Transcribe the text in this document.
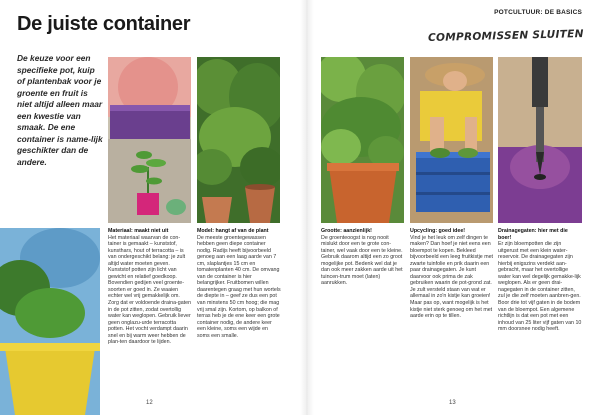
De juiste container
POTCULTUUR: DE BASICS
COMPROMISSEN SLUITEN

De keuze voor een specifieke pot, kuip of plantenbak voor je groente en fruit is niet altijd alleen maar een kwestie van smaak. De ene container is name-lijk geschikter dan de andere.

Materiaal: maakt niet uit
Het materiaal waarvan de con-tainer is gemaakt – kunststof, kunsthars, hout of terracotta – is van ondergeschikt belang: je zult altijd water moeten geven. Kunststof potten zijn licht van gewicht en relatief goedkoop. Bovendien gedijen veel groente-soorten er goed in. Ze waaien echter wel vrij gemakkelijk om. Zorg dat er voldoende draina-gaten in de pot zitten, zodat overtollig water kan weglopen. Gebruik liever geen onglazu-urde terracotta potten. Het vocht verdampt daarin snel en bij warm weer hebben de plan-ten daardoor te lijden.
Model: hangt af van de plant
De meeste groentegewassen hebben geen diepe container nodig. Radijs heeft bijvoorbeeld genoeg aan een laag aarde van 7 cm, slaplantjes 15 cm en tomatenplanten 40 cm. De omvang van de container is hier belangrijker. Fruitbomen willen daarentegen graag met hun wortels de diepte in – geef ze dus een pot van minstens 50 cm hoog; die mag vrij smal zijn. Kortom, op balkon of terras heb je de ene keer een grote container nodig, de andere keer een kleine, soms een wijde en soms een smalle.
Grootte: aanzienlijk!
De groenteoogst is nog nooit mislukt door een te grote con-tainer, wel vaak door een te kleine. Gebruik daarom altijd een zo groot mogelijke pot. Bedenk wel dat je dan ook meer zakken aarde uit het tuincen-trum moet (laten) aanrukken.
Upcycling: goed idee!
Vind je het leuk om zelf dingen te maken? Dan hoef je niet eens een bloempot te kopen. Bekleed bijvoorbeeld een leeg fruitkistje met zwarte tuinfolie en prik daarin een paar drainagegaten. Je kunt daarvoor ook prima de zak gebruiken waarin de pot-grond zat. Je zult versteld staan van wat er allemaal in zo'n kistje kan groeien! Maar pas op, want mogelijk is het kistje niet sterk genoeg om het met aarde erin op te tillen.
Drainagegaten: hier met die boer!
Er zijn bloempotten die zijn uitgerust met een klein water-reservoir. De drainagegaten zijn hierbij enigszins verdekt aan-gebracht, maar het overtollige water kan wel degelijk gemakke-lijk weglopen. Als er geen drai-nagegaten in de container zitten, zul je die zelf moeten aanbren-gen. Boor drie tot vijf gaten in de bodem van de bloempot. Een algemene richtlijn is dat een pot met een inhoud van 25 liter vijf gaten van 10 mm doorsnee nodig heeft.
12	13
